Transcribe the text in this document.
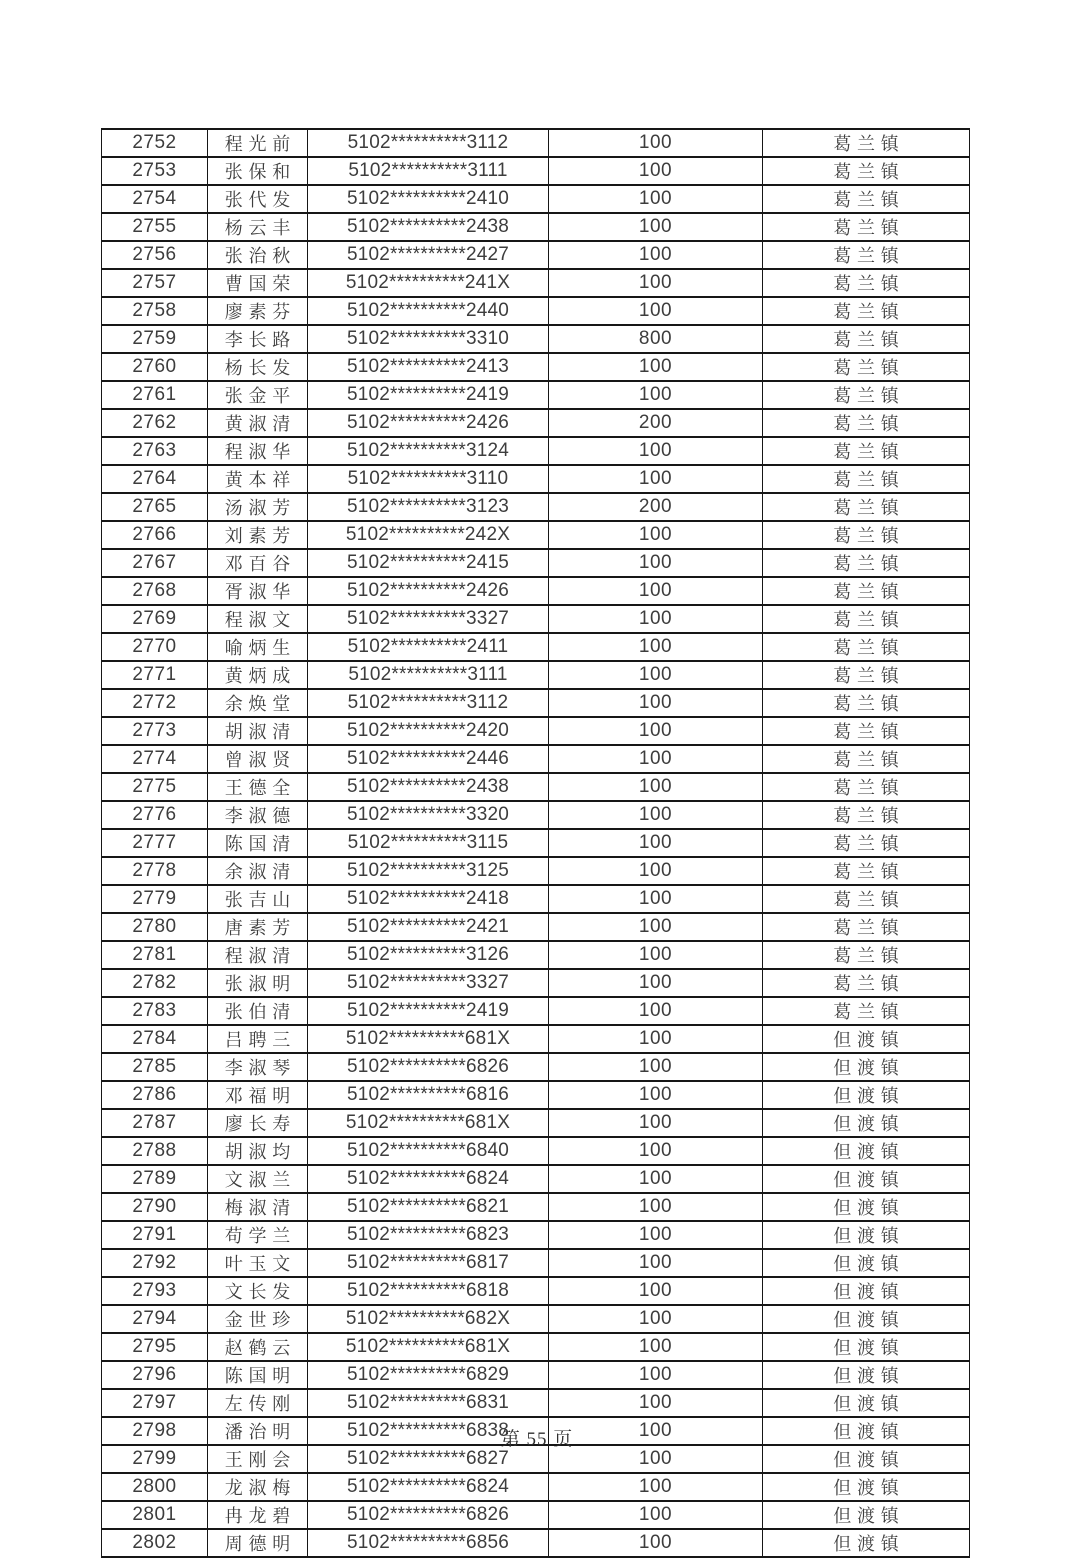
2752	程光前	5102**********3112	100	葛兰镇
2753	张保和	5102**********3111	100	葛兰镇
2754	张代发	5102**********2410	100	葛兰镇
2755	杨云丰	5102**********2438	100	葛兰镇
2756	张治秋	5102**********2427	100	葛兰镇
2757	曹国荣	5102**********241X	100	葛兰镇
2758	廖素芬	5102**********2440	100	葛兰镇
2759	李长路	5102**********3310	800	葛兰镇
2760	杨长发	5102**********2413	100	葛兰镇
2761	张金平	5102**********2419	100	葛兰镇
2762	黄淑清	5102**********2426	200	葛兰镇
2763	程淑华	5102**********3124	100	葛兰镇
2764	黄本祥	5102**********3110	100	葛兰镇
2765	汤淑芳	5102**********3123	200	葛兰镇
2766	刘素芳	5102**********242X	100	葛兰镇
2767	邓百谷	5102**********2415	100	葛兰镇
2768	胥淑华	5102**********2426	100	葛兰镇
2769	程淑文	5102**********3327	100	葛兰镇
2770	喻炳生	5102**********2411	100	葛兰镇
2771	黄炳成	5102**********3111	100	葛兰镇
2772	余焕堂	5102**********3112	100	葛兰镇
2773	胡淑清	5102**********2420	100	葛兰镇
2774	曾淑贤	5102**********2446	100	葛兰镇
2775	王德全	5102**********2438	100	葛兰镇
2776	李淑德	5102**********3320	100	葛兰镇
2777	陈国清	5102**********3115	100	葛兰镇
2778	余淑清	5102**********3125	100	葛兰镇
2779	张吉山	5102**********2418	100	葛兰镇
2780	唐素芳	5102**********2421	100	葛兰镇
2781	程淑清	5102**********3126	100	葛兰镇
2782	张淑明	5102**********3327	100	葛兰镇
2783	张伯清	5102**********2419	100	葛兰镇
2784	吕聘三	5102**********681X	100	但渡镇
2785	李淑琴	5102**********6826	100	但渡镇
2786	邓福明	5102**********6816	100	但渡镇
2787	廖长寿	5102**********681X	100	但渡镇
2788	胡淑均	5102**********6840	100	但渡镇
2789	文淑兰	5102**********6824	100	但渡镇
2790	梅淑清	5102**********6821	100	但渡镇
2791	苟学兰	5102**********6823	100	但渡镇
2792	叶玉文	5102**********6817	100	但渡镇
2793	文长发	5102**********6818	100	但渡镇
2794	金世珍	5102**********682X	100	但渡镇
2795	赵鹤云	5102**********681X	100	但渡镇
2796	陈国明	5102**********6829	100	但渡镇
2797	左传刚	5102**********6831	100	但渡镇
2798	潘治明	5102**********6838	100	但渡镇
2799	王刚会	5102**********6827	100	但渡镇
2800	龙淑梅	5102**********6824	100	但渡镇
2801	冉龙碧	5102**********6826	100	但渡镇
2802	周德明	5102**********6856	100	但渡镇
第 55 页
